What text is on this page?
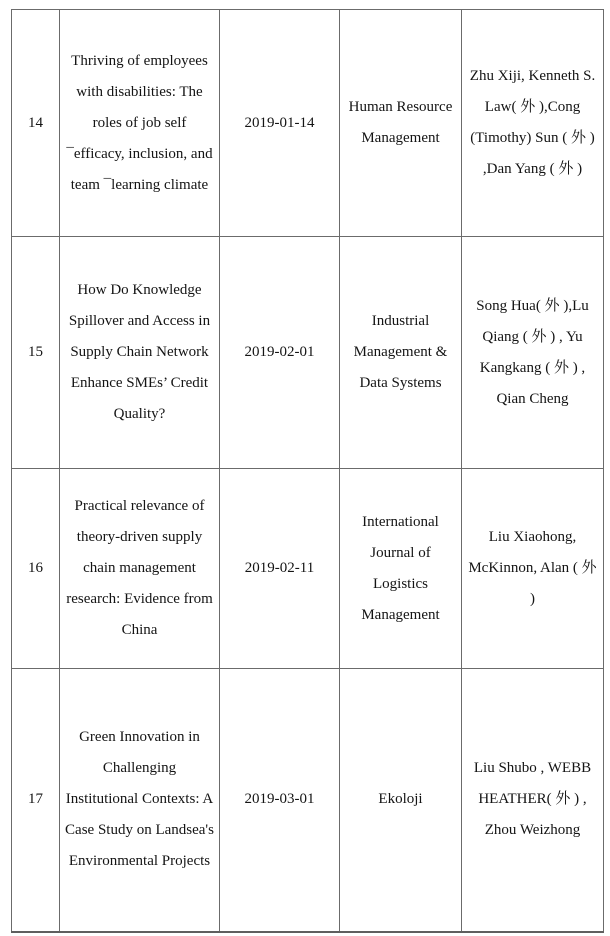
14	Thriving of employees with disabilities: The roles of job self ¯efficacy, inclusion, and team ¯learning climate	2019-01-14	Human Resource Management	Zhu Xiji, Kenneth S. Law( 外 ),Cong (Timothy) Sun ( 外 ) ,Dan Yang ( 外 )
15	How Do Knowledge Spillover and Access in Supply Chain Network Enhance SMEs’ Credit Quality?	2019-02-01	Industrial Management & Data Systems	Song Hua( 外 ),Lu Qiang ( 外 ) , Yu Kangkang ( 外 ) , Qian Cheng
16	Practical relevance of theory-driven supply chain management research: Evidence from China	2019-02-11	International Journal of Logistics Management	Liu Xiaohong, McKinnon, Alan ( 外 )
17	Green Innovation in Challenging Institutional Contexts: A Case Study on Landsea's Environmental Projects	2019-03-01	Ekoloji	Liu Shubo , WEBB HEATHER( 外 ) , Zhou Weizhong
